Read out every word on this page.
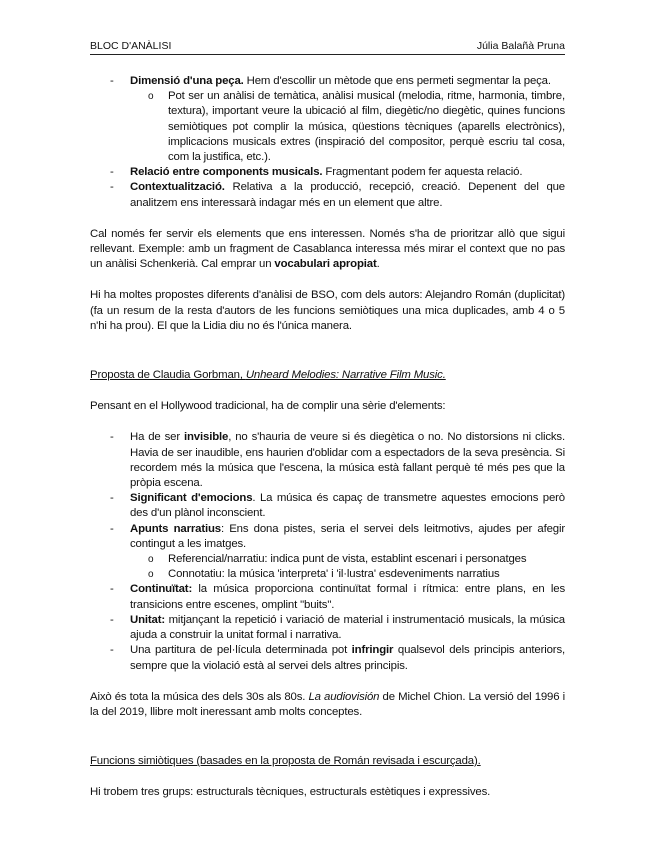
BLOC D'ANÀLISI	Júlia Balañà Pruna
- Dimensió d'una peça. Hem d'escollir un mètode que ens permeti segmentar la peça.
o Pot ser un anàlisi de temàtica, anàlisi musical (melodia, ritme, harmonia, timbre, textura), important veure la ubicació al film, diegètic/no diegètic, quines funcions semiòtiques pot complir la música, qüestions tècniques (aparells electrònics), implicacions musicals extres (inspiració del compositor, perquè escriu tal cosa, com la justifica, etc.).
- Relació entre components musicals. Fragmentant podem fer aquesta relació.
- Contextualització. Relativa a la producció, recepció, creació. Depenent del que analitzem ens interessarà indagar més en un element que altre.

Cal només fer servir els elements que ens interessen. Només s'ha de prioritzar allò que sigui rellevant. Exemple: amb un fragment de Casablanca interessa més mirar el context que no pas un anàlisi Schenkerià. Cal emprar un vocabulari apropiat.

Hi ha moltes propostes diferents d'anàlisi de BSO, com dels autors: Alejandro Román (duplicitat) (fa un resum de la resta d'autors de les funcions semiòtiques una mica duplicades, amb 4 o 5 n'hi ha prou). El que la Lidia diu no és l'única manera.

Proposta de Claudia Gorbman, Unheard Melodies: Narrative Film Music.

Pensant en el Hollywood tradicional, ha de complir una sèrie d'elements:

- Ha de ser invisible, no s'hauria de veure si és diegètica o no. No distorsions ni clicks. Havia de ser inaudible, ens haurien d'oblidar com a espectadors de la seva presència. Si recordem més la música que l'escena, la música està fallant perquè té més pes que la pròpia escena.
- Significant d'emocions. La música és capaç de transmetre aquestes emocions però des d'un plànol inconscient.
- Apunts narratius: Ens dona pistes, seria el servei dels leitmotivs, ajudes per afegir contingut a les imatges.
o Referencial/narratiu: indica punt de vista, establint escenari i personatges
o Connotatiu: la música 'interpreta' i 'il·lustra' esdeveniments narratius
- Continuïtat: la música proporciona continuïtat formal i rítmica: entre plans, en les transicions entre escenes, omplint "buits".
- Unitat: mitjançant la repetició i variació de material i instrumentació musicals, la música ajuda a construir la unitat formal i narrativa.
- Una partitura de pel·lícula determinada pot infringir qualsevol dels principis anteriors, sempre que la violació està al servei dels altres principis.

Això és tota la música des dels 30s als 80s. La audiovisión de Michel Chion. La versió del 1996 i la del 2019, llibre molt ineressant amb molts conceptes.

Funcions simiòtiques (basades en la proposta de Román revisada i escurçada).

Hi trobem tres grups: estructurals tècniques, estructurals estètiques i expressives.
